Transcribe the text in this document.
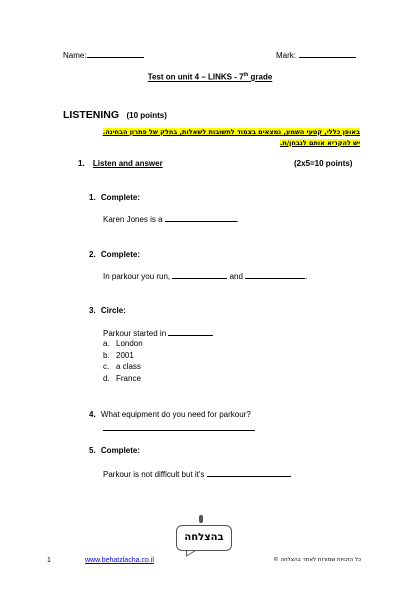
Name:	Mark:
Test on unit 4 – LINKS - 7th grade
LISTENING (10 points)
באופן כללי, קטעי השמע, נמצאים בצמוד לתשובות לשאלות, בחלק של פתרון הבחינה.
יש להקריא אותם לנבחן/ת.
1. Listen and answer	(2x5=10 points)
1. Complete:
Karen Jones is a	.
2. Complete:
In parkour you run,	and	.
3. Circle:
Parkour started in
a. London
b. 2001
c. a class
d. France
4. What equipment do you need for parkour?
5. Complete:
Parkour is not difficult but it's
בהצלחה
1	www.behatzlacha.co.il	כל הזכויות שמורות לאתר בהצלחה ©
